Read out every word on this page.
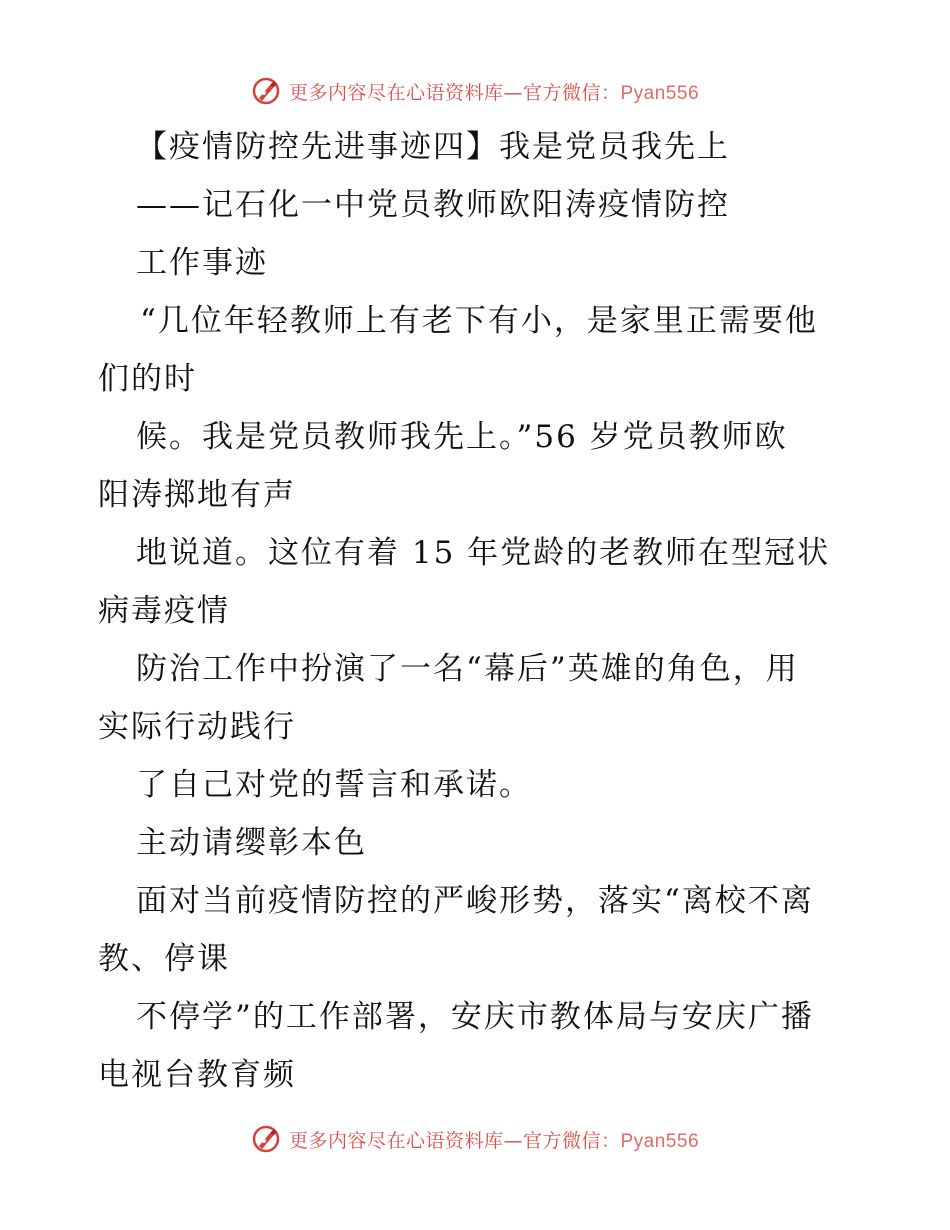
更多内容尽在心语资料库—官方微信：Pyan556
【疫情防控先进事迹四】我是党员我先上
——记石化一中党员教师欧阳涛疫情防控
工作事迹
“几位年轻教师上有老下有小，是家里正需要他
们的时
候。我是党员教师我先上。”56 岁党员教师欧
阳涛掷地有声
地说道。这位有着 15 年党龄的老教师在型冠状
病毒疫情
防治工作中扮演了一名“幕后”英雄的角色，用
实际行动践行
了自己对党的誓言和承诺。
主动请缨彰本色
面对当前疫情防控的严峻形势，落实“离校不离
教、停课
不停学”的工作部署，安庆市教体局与安庆广播
电视台教育频
更多内容尽在心语资料库—官方微信：Pyan556
